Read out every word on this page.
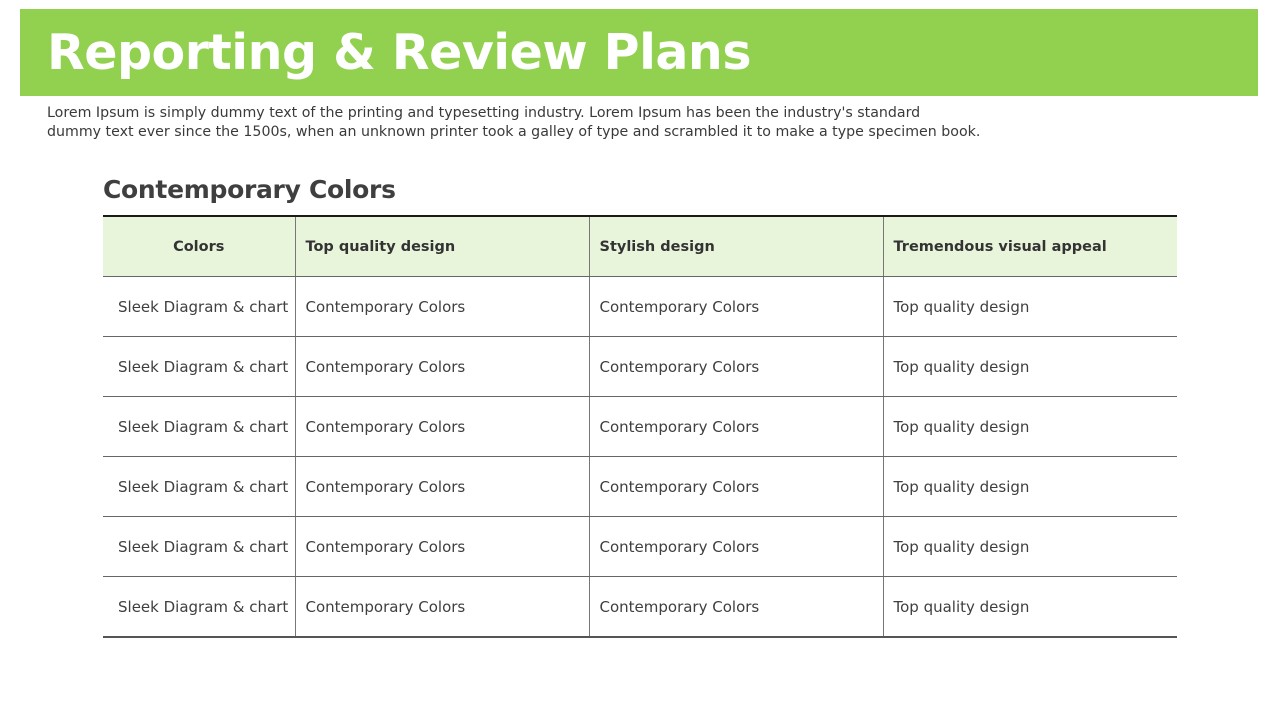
Reporting & Review Plans

Lorem Ipsum is simply dummy text of the printing and typesetting industry. Lorem Ipsum has been the industry's standard
dummy text ever since the 1500s, when an unknown printer took a galley of type and scrambled it to make a type specimen book.

Contemporary Colors
Colors	Top quality design	Stylish design	Tremendous visual appeal
Sleek Diagram & chart	Contemporary Colors	Contemporary Colors	Top quality design
Sleek Diagram & chart	Contemporary Colors	Contemporary Colors	Top quality design
Sleek Diagram & chart	Contemporary Colors	Contemporary Colors	Top quality design
Sleek Diagram & chart	Contemporary Colors	Contemporary Colors	Top quality design
Sleek Diagram & chart	Contemporary Colors	Contemporary Colors	Top quality design
Sleek Diagram & chart	Contemporary Colors	Contemporary Colors	Top quality design
